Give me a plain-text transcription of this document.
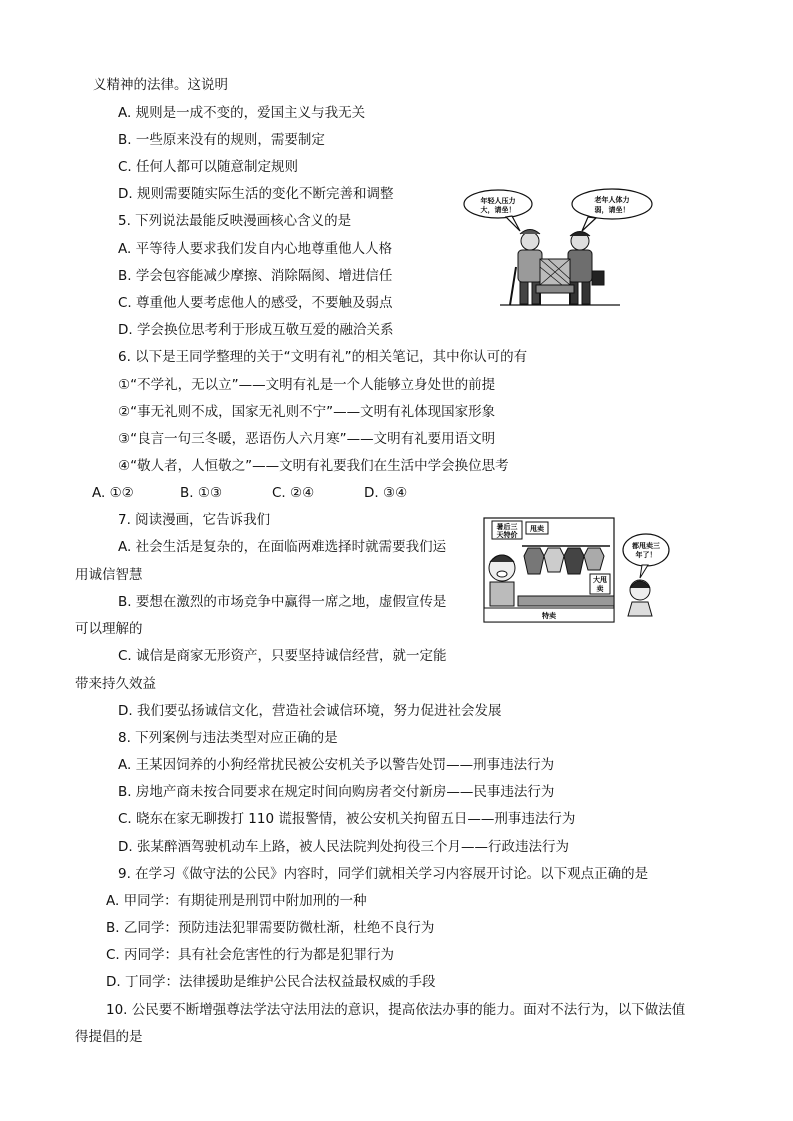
义精神的法律。这说明
A. 规则是一成不变的，爱国主义与我无关
B. 一些原来没有的规则，需要制定
C. 任何人都可以随意制定规则
D. 规则需要随实际生活的变化不断完善和调整
5. 下列说法最能反映漫画核心含义的是
A. 平等待人要求我们发自内心地尊重他人人格
B. 学会包容能减少摩擦、消除隔阂、增进信任
C. 尊重他人要考虑他人的感受，不要触及弱点
D. 学会换位思考利于形成互敬互爱的融洽关系
6. 以下是王同学整理的关于“文明有礼”的相关笔记，其中你认可的有
①“不学礼，无以立”——文明有礼是一个人能够立身处世的前提
②“事无礼则不成，国家无礼则不宁”——文明有礼体现国家形象
③“良言一句三冬暖，恶语伤人六月寒”——文明有礼要用语文明
④“敬人者，人恒敬之”——文明有礼要我们在生活中学会换位思考
A. ①②	B. ①③	C. ②④	D. ③④
7. 阅读漫画，它告诉我们
A. 社会生活是复杂的，在面临两难选择时就需要我们运
用诚信智慧
B. 要想在激烈的市场竞争中赢得一席之地，虚假宣传是
可以理解的
C. 诚信是商家无形资产，只要坚持诚信经营，就一定能
带来持久效益
D. 我们要弘扬诚信文化，营造社会诚信环境，努力促进社会发展
8. 下列案例与违法类型对应正确的是
A. 王某因饲养的小狗经常扰民被公安机关予以警告处罚——刑事违法行为
B. 房地产商未按合同要求在规定时间向购房者交付新房——民事违法行为
C. 晓东在家无聊拨打 110 谎报警情，被公安机关拘留五日——刑事违法行为
D. 张某醉酒驾驶机动车上路，被人民法院判处拘役三个月——行政违法行为
9. 在学习《做守法的公民》内容时，同学们就相关学习内容展开讨论。以下观点正确的是
A. 甲同学：有期徒刑是刑罚中附加刑的一种
B. 乙同学：预防违法犯罪需要防微杜渐，杜绝不良行为
C. 丙同学：具有社会危害性的行为都是犯罪行为
D. 丁同学：法律援助是维护公民合法权益最权威的手段
10. 公民要不断增强尊法学法守法用法的意识，提高依法办事的能力。面对不法行为，以下做法值
得提倡的是
年轻人压力
大，请坐！
老年人体力
弱，请坐！
暑后三
天特价
甩卖
大甩
卖
特卖
都甩卖三
年了！
